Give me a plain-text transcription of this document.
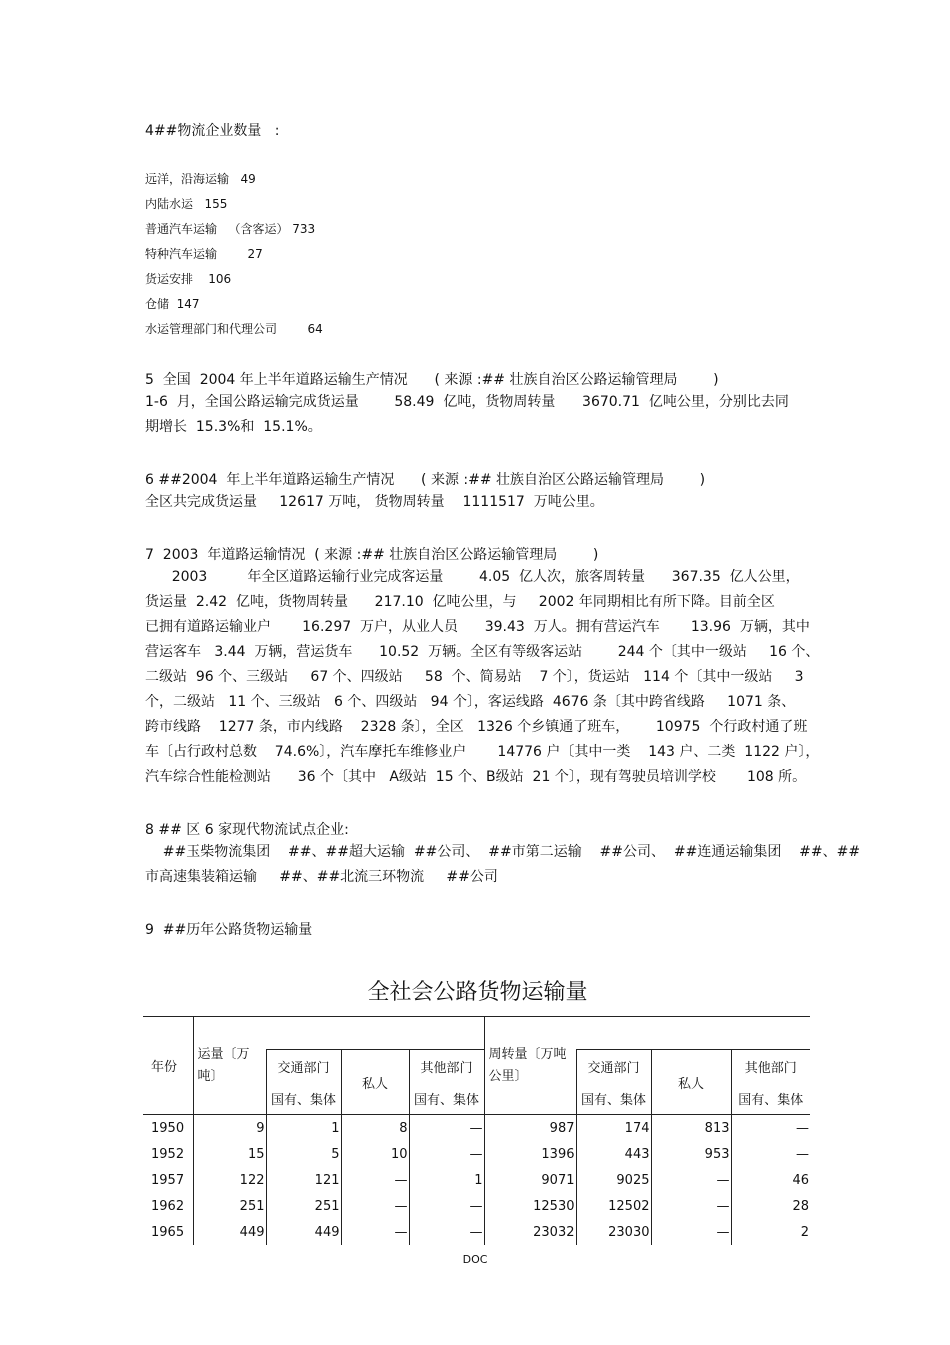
4##物流企业数量   :
远洋，沿海运输   49
内陆水运   155
普通汽车运输   （含客运） 733
特种汽车运输        27
货运安排    106
仓储  147
水运管理部门和代理公司        64
5  全国  2004 年上半年道路运输生产情况      ( 来源 :## 壮族自治区公路运输管理局        )
1-6  月，全国公路运输完成货运量        58.49  亿吨，货物周转量      3670.71  亿吨公里，分别比去同
期增长  15.3%和  15.1%。
6 ##2004  年上半年道路运输生产情况      ( 来源 :## 壮族自治区公路运输管理局        )
全区共完成货运量     12617 万吨， 货物周转量    1111517  万吨公里。
7  2003  年道路运输情况  ( 来源 :## 壮族自治区公路运输管理局        )
2003         年全区道路运输行业完成客运量        4.05  亿人次，旅客周转量      367.35  亿人公里，
货运量  2.42  亿吨，货物周转量      217.10  亿吨公里，与     2002 年同期相比有所下降。目前全区
已拥有道路运输业户       16.297  万户，从业人员      39.43  万人。拥有营运汽车       13.96  万辆，其中
营运客车   3.44  万辆，营运货车      10.52  万辆。全区有等级客运站        244 个〔其中一级站     16 个、
二级站  96 个、三级站     67 个、四级站     58  个、简易站    7 个〕，货运站   114 个〔其中一级站     3
个，二级站   11 个、三级站   6 个、四级站   94 个〕，客运线路  4676 条〔其中跨省线路     1071 条、
跨市线路    1277 条，市内线路    2328 条〕，全区   1326 个乡镇通了班车，      10975  个行政村通了班
车〔占行政村总数    74.6%〕，汽车摩托车维修业户       14776 户〔其中一类    143 户、二类  1122 户〕，
汽车综合性能检测站      36 个〔其中   A级站  15 个、B级站  21 个〕，现有驾驶员培训学校       108 所。
8 ## 区 6 家现代物流试点企业:
##玉柴物流集团    ##、##超大运输  ##公司、  ##市第二运输    ##公司、  ##连通运输集团    ##、##
市高速集装箱运输     ##、##北流三环物流     ##公司
9  ##历年公路货物运输量
全社会公路货物运输量
年份	运量〔万吨〕				周转量〔万吨公里〕			
		交通部门	私人	其他部门		交通部门	私人	其他部门
		国有、集体		国有、集体		国有、集体		国有、集体
1950	9	1	8	—	987	174	813	—
1952	15	5	10	—	1396	443	953	—
1957	122	121	—	1	9071	9025	—	46
1962	251	251	—	—	12530	12502	—	28
1965	449	449	—	—	23032	23030	—	2
DOC
